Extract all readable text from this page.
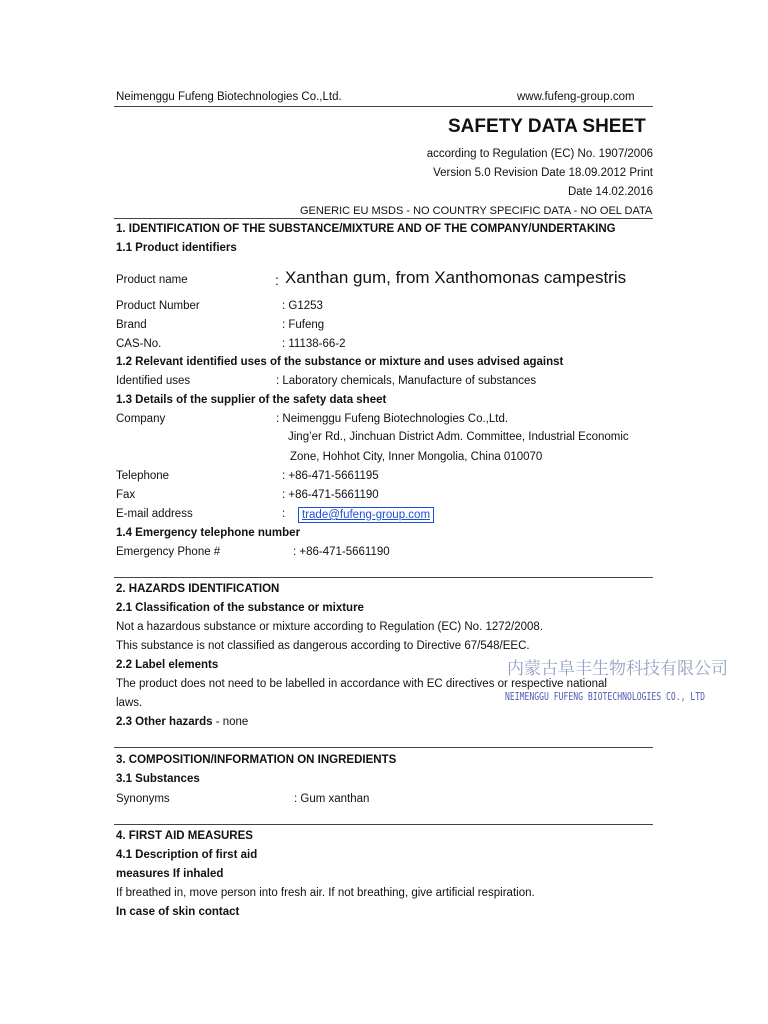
Neimenggu Fufeng Biotechnologies Co.,Ltd.	www.fufeng-group.com
SAFETY DATA SHEET
according to Regulation (EC) No. 1907/2006
Version 5.0 Revision Date 18.09.2012 Print
Date 14.02.2016
GENERIC EU MSDS - NO COUNTRY SPECIFIC DATA - NO OEL DATA
1. IDENTIFICATION OF THE SUBSTANCE/MIXTURE AND OF THE COMPANY/UNDERTAKING
1.1 Product identifiers
Product name	: Xanthan gum, from Xanthomonas campestris
Product Number	: G1253
Brand	: Fufeng
CAS-No.	: 11138-66-2
1.2 Relevant identified uses of the substance or mixture and uses advised against
Identified uses	: Laboratory chemicals, Manufacture of substances
1.3 Details of the supplier of the safety data sheet
Company	: Neimenggu Fufeng Biotechnologies Co.,Ltd.
Jing’er Rd., Jinchuan District Adm. Committee, Industrial Economic
Zone, Hohhot City, Inner Mongolia, China 010070
Telephone	: +86-471-5661195
Fax	: +86-471-5661190
E-mail address	:	trade@fufeng-group.com
1.4 Emergency telephone number
Emergency Phone #	: +86-471-5661190
2. HAZARDS IDENTIFICATION
2.1 Classification of the substance or mixture
Not a hazardous substance or mixture according to Regulation (EC) No. 1272/2008.
This substance is not classified as dangerous according to Directive 67/548/EEC.
2.2 Label elements	内蒙古阜丰生物科技有限公司
NEIMENGGU FUFENG BIOTECHNOLOGIES CO., LTD
The product does not need to be labelled in accordance with EC directives or respective national
laws.
2.3 Other hazards - none
3. COMPOSITION/INFORMATION ON INGREDIENTS
3.1 Substances
Synonyms	: Gum xanthan
4. FIRST AID MEASURES
4.1 Description of first aid
measures If inhaled
If breathed in, move person into fresh air. If not breathing, give artificial respiration.
In case of skin contact
